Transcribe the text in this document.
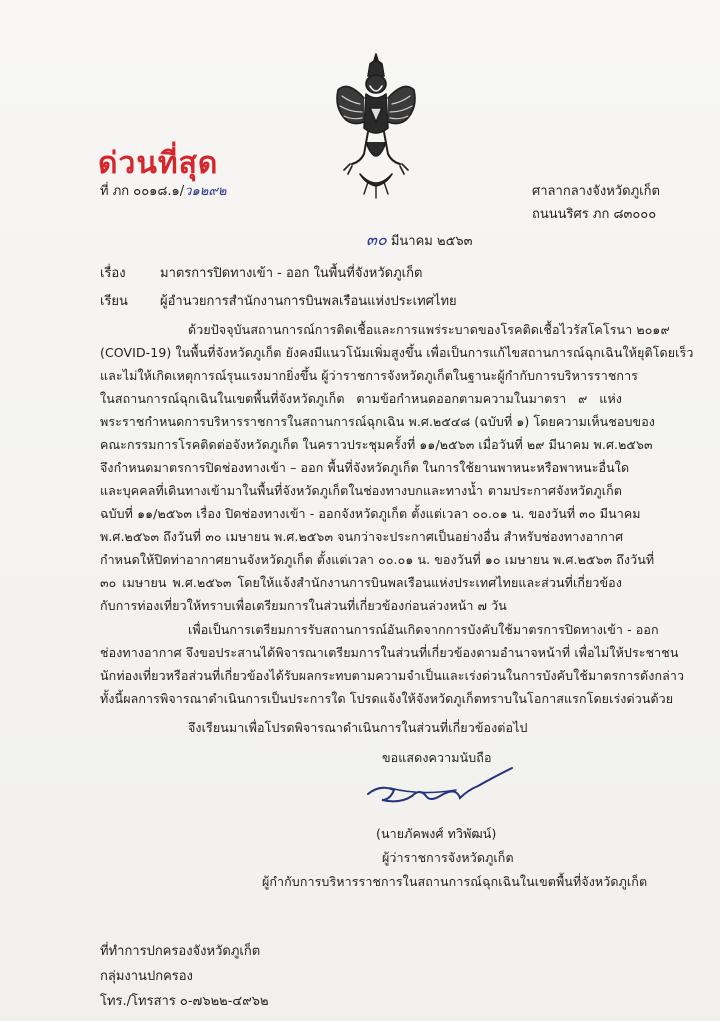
ด่วนที่สุด
ที่ ภก ๐๐๑๘.๑/ว๑๒๙๒	ศาลากลางจังหวัดภูเก็ต
ถนนนริศร ภก ๘๓๐๐๐
๓๐ มีนาคม ๒๕๖๓
เรื่อง	มาตรการปิดทางเข้า - ออก ในพื้นที่จังหวัดภูเก็ต
เรียน ผู้อำนวยการสำนักงานการบินพลเรือนแห่งประเทศไทย
ด้วยปัจจุบันสถานการณ์การติดเชื้อและการแพร่ระบาดของโรคติดเชื้อไวรัสโคโรนา ๒๐๑๙
(COVID-19) ในพื้นที่จังหวัดภูเก็ต ยังคงมีแนวโน้มเพิ่มสูงขึ้น เพื่อเป็นการแก้ไขสถานการณ์ฉุกเฉินให้ยุติโดยเร็ว
และไม่ให้เกิดเหตุการณ์รุนแรงมากยิ่งขึ้น ผู้ว่าราชการจังหวัดภูเก็ตในฐานะผู้กำกับการบริหารราชการ
ในสถานการณ์ฉุกเฉินในเขตพื้นที่จังหวัดภูเก็ต ตามข้อกำหนดออกตามความในมาตรา ๙ แห่ง
พระราชกำหนดการบริหารราชการในสถานการณ์ฉุกเฉิน พ.ศ.๒๕๔๘ (ฉบับที่ ๑) โดยความเห็นชอบของ
คณะกรรมการโรคติดต่อจังหวัดภูเก็ต ในคราวประชุมครั้งที่ ๑๑/๒๕๖๓ เมื่อวันที่ ๒๙ มีนาคม พ.ศ.๒๕๖๓
จึงกำหนดมาตรการปิดช่องทางเข้า – ออก พื้นที่จังหวัดภูเก็ต ในการใช้ยานพาหนะหรือพาหนะอื่นใด
และบุคคลที่เดินทางเข้ามาในพื้นที่จังหวัดภูเก็ตในช่องทางบกและทางน้ำ ตามประกาศจังหวัดภูเก็ต
ฉบับที่ ๑๑/๒๕๖๓ เรื่อง ปิดช่องทางเข้า - ออกจังหวัดภูเก็ต ตั้งแต่เวลา ๐๐.๐๑ น. ของวันที่ ๓๐ มีนาคม
พ.ศ.๒๕๖๓ ถึงวันที่ ๓๐ เมษายน พ.ศ.๒๕๖๓ จนกว่าจะประกาศเป็นอย่างอื่น สำหรับช่องทางอากาศ
กำหนดให้ปิดท่าอากาศยานจังหวัดภูเก็ต ตั้งแต่เวลา ๐๐.๐๑ น. ของวันที่ ๑๐ เมษายน พ.ศ.๒๕๖๓ ถึงวันที่
๓๐ เมษายน พ.ศ.๒๕๖๓ โดยให้แจ้งสำนักงานการบินพลเรือนแห่งประเทศไทยและส่วนที่เกี่ยวข้อง
กับการท่องเที่ยวให้ทราบเพื่อเตรียมการในส่วนที่เกี่ยวข้องก่อนล่วงหน้า ๗ วัน
เพื่อเป็นการเตรียมการรับสถานการณ์อันเกิดจากการบังคับใช้มาตรการปิดทางเข้า - ออก
ช่องทางอากาศ จึงขอประสานได้พิจารณาเตรียมการในส่วนที่เกี่ยวข้องตามอำนาจหน้าที่ เพื่อไม่ให้ประชาชน
นักท่องเที่ยวหรือส่วนที่เกี่ยวข้องได้รับผลกระทบตามความจำเป็นและเร่งด่วนในการบังคับใช้มาตรการดังกล่าว
ทั้งนี้ผลการพิจารณาดำเนินการเป็นประการใด โปรดแจ้งให้จังหวัดภูเก็ตทราบในโอกาสแรกโดยเร่งด่วนด้วย
จึงเรียนมาเพื่อโปรดพิจารณาดำเนินการในส่วนที่เกี่ยวข้องต่อไป
ขอแสดงความนับถือ
(นายภัคพงศ์ ทวิพัฒน์)
ผู้ว่าราชการจังหวัดภูเก็ต
ผู้กำกับการบริหารราชการในสถานการณ์ฉุกเฉินในเขตพื้นที่จังหวัดภูเก็ต
ที่ทำการปกครองจังหวัดภูเก็ต
กลุ่มงานปกครอง
โทร./โทรสาร ๐-๗๖๒๒-๔๙๖๒
